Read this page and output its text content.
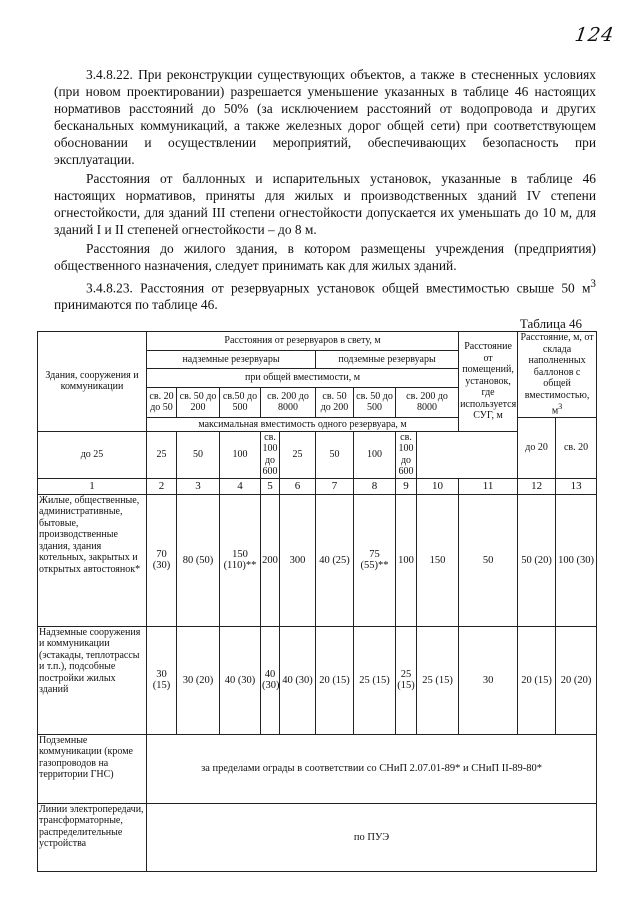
124

3.4.8.22. При реконструкции существующих объектов, а также в стесненных условиях (при новом проектировании) разрешается уменьшение указанных в таблице 46 настоящих нормативов расстояний до 50% (за исключением расстояний от водопровода и других бесканальных коммуникаций, а также железных дорог общей сети) при соответствующем обосновании и осуществлении мероприятий, обеспечивающих безопасность при эксплуатации.

Расстояния от баллонных и испарительных установок, указанные в таблице 46 настоящих нормативов, приняты для жилых и производственных зданий IV степени огнестойкости, для зданий III степени огнестойкости допускается их уменьшать до 10 м, для зданий I и II степеней огнестойкости – до 8 м.

Расстояния до жилого здания, в котором размещены учреждения (предприятия) общественного назначения, следует принимать как для жилых зданий.

3.4.8.23. Расстояния от резервуарных установок общей вместимостью свыше 50 $м^3$ принимаются по таблице 46.

Таблица 46
Здания, сооружения и коммуникации	Расстояния от резервуаров в свету, м									Расстояние от помещений, установок, где используется СУГ, м	Расстояние, м, от склада наполненных баллонов с общей вместимостью, $м^3$
	надземные резервуары					подземные резервуары						
	при общей вместимости, м											
	св. 20 до 50	св. 50 до 200	св.50 до 500	св. 200 до 8000		св. 50 до 200	св. 50 до 500	св. 200 до 8000				
	максимальная вместимость одного резервуара, м										до 20	св. 20
до 25	25	50	100	св. 100 до 600	25	50	100	св. 100 до 600				
1	2	3	4	5	6	7	8	9	10	11	12	13
Жилые, общественные, административные, бытовые, производственные здания, здания котельных, закрытых и открытых автостоянок*	70 (30)	80 (50)	150 (110)**	200	300	40 (25)	75 (55)**	100	150	50	50 (20)	100 (30)
Надземные сооружения и коммуникации (эстакады, теплотрассы и т.п.), подсобные постройки жилых зданий	30 (15)	30 (20)	40 (30)	40 (30)	40 (30)	20 (15)	25 (15)	25 (15)	25 (15)	30	20 (15)	20 (20)
Подземные коммуникации (кроме газопроводов на территории ГНС)	за пределами ограды в соответствии со СНиП 2.07.01-89* и СНиП II-89-80*											
Линии электропередачи, трансформаторные, распределительные устройства	по ПУЭ											
